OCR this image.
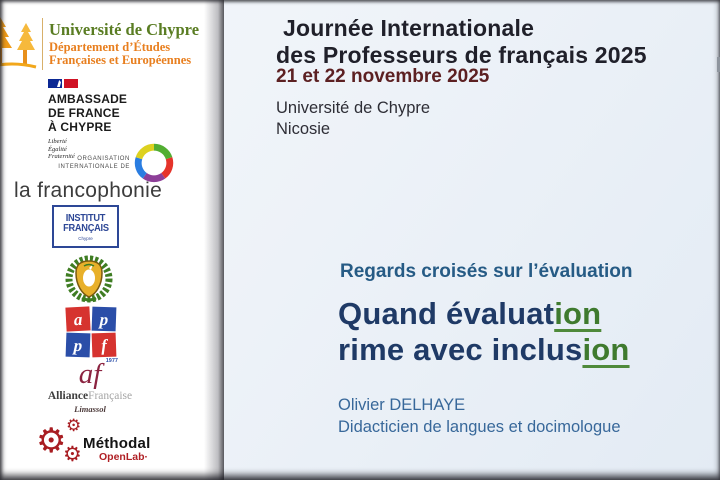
Université de Chypre
Département d’Études
Françaises et Européennes
AMBASSADE
DE FRANCE
À CHYPRE
Liberté
Égalité
Fraternité ORGANISATION
INTERNATIONALE DE
la francophonie
INSTITUT
FRANÇAIS
Chypre
a p
p	f
1977
af
AllianceFrançaise
Limassol
⚙ ⚙
⚙ Méthodal
OpenLab ·
Journée Internationale
des Professeurs de français 2025
21 et 22 novembre 2025
Université de Chypre
Nicosie
Regards croisés sur l’évaluation
Quand évaluation
rime avec inclusion
Olivier DELHAYE
Didacticien de langues et docimologue
